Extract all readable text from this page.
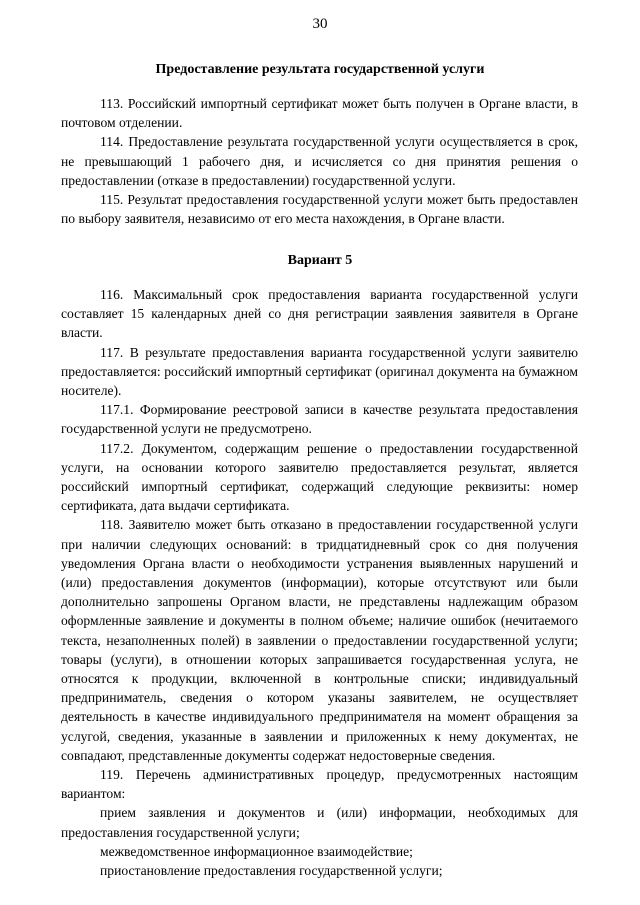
30
Предоставление результата государственной услуги

113. Российский импортный сертификат может быть получен в Органе власти, в почтовом отделении.

114. Предоставление результата государственной услуги осуществляется в срок, не превышающий 1 рабочего дня, и исчисляется со дня принятия решения о предоставлении (отказе в предоставлении) государственной услуги.

115. Результат предоставления государственной услуги может быть предоставлен по выбору заявителя, независимо от его места нахождения, в Органе власти.

Вариант 5

116. Максимальный срок предоставления варианта государственной услуги составляет 15 календарных дней со дня регистрации заявления заявителя в Органе власти.

117. В результате предоставления варианта государственной услуги заявителю предоставляется: российский импортный сертификат (оригинал документа на бумажном носителе).

117.1. Формирование реестровой записи в качестве результата предоставления государственной услуги не предусмотрено.

117.2. Документом, содержащим решение о предоставлении государственной услуги, на основании которого заявителю предоставляется результат, является российский импортный сертификат, содержащий следующие реквизиты: номер сертификата, дата выдачи сертификата.

118. Заявителю может быть отказано в предоставлении государственной услуги при наличии следующих оснований: в тридцатидневный срок со дня получения уведомления Органа власти о необходимости устранения выявленных нарушений и (или) предоставления документов (информации), которые отсутствуют или были дополнительно запрошены Органом власти, не представлены надлежащим образом оформленные заявление и документы в полном объеме; наличие ошибок (нечитаемого текста, незаполненных полей) в заявлении о предоставлении государственной услуги; товары (услуги), в отношении которых запрашивается государственная услуга, не относятся к продукции, включенной в контрольные списки; индивидуальный предприниматель, сведения о котором указаны заявителем, не осуществляет деятельность в качестве индивидуального предпринимателя на момент обращения за услугой, сведения, указанные в заявлении и приложенных к нему документах, не совпадают, представленные документы содержат недостоверные сведения.

119. Перечень административных процедур, предусмотренных настоящим вариантом:

прием заявления и документов и (или) информации, необходимых для предоставления государственной услуги;

межведомственное информационное взаимодействие;

приостановление предоставления государственной услуги;
